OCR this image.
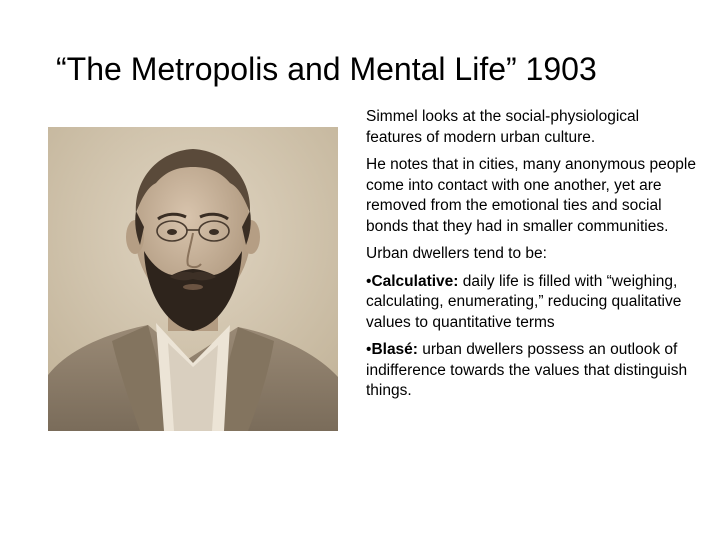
“The Metropolis and Mental Life” 1903

Simmel looks at the social-physiological features of modern urban culture.

He notes that in cities, many anonymous people come into contact with one another, yet are removed from the emotional ties and social bonds that they had in smaller communities.

Urban dwellers tend to be:

•Calculative: daily life is filled with “weighing, calculating, enumerating,” reducing qualitative values to quantitative terms

•Blasé: urban dwellers possess an outlook of indifference towards the values that distinguish things.
